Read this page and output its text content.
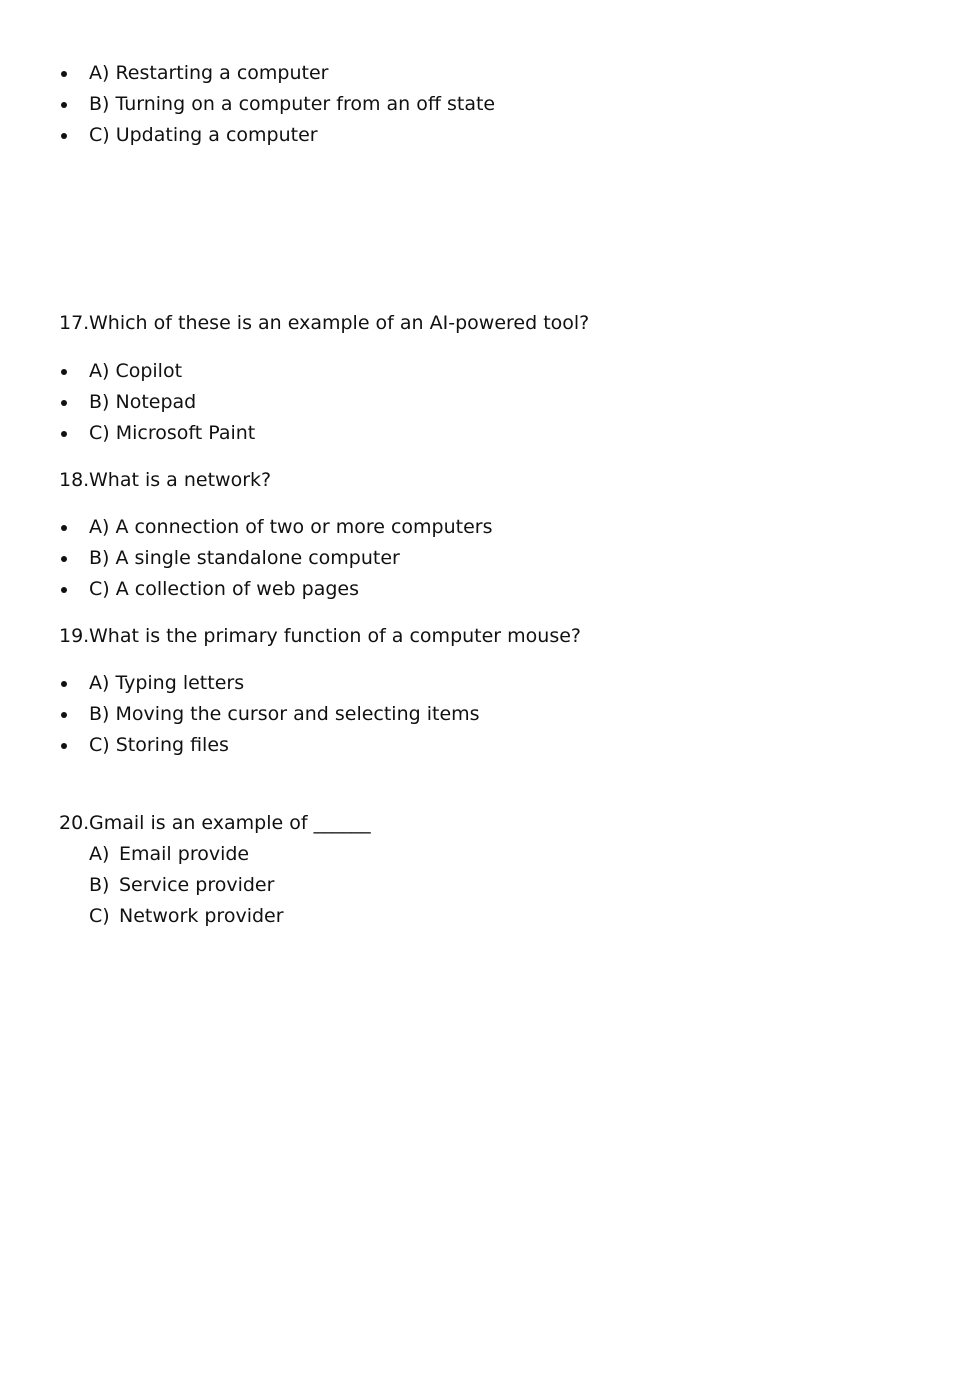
A) Restarting a computer
B) Turning on a computer from an off state
C) Updating a computer
17.Which of these is an example of an AI-powered tool?
A) Copilot
B) Notepad
C) Microsoft Paint
18.What is a network?
A) A connection of two or more computers
B) A single standalone computer
C) A collection of web pages
19.What is the primary function of a computer mouse?
A) Typing letters
B) Moving the cursor and selecting items
C) Storing files
20.Gmail is an example of ______
A) Email provide
B) Service provider
C) Network provider
